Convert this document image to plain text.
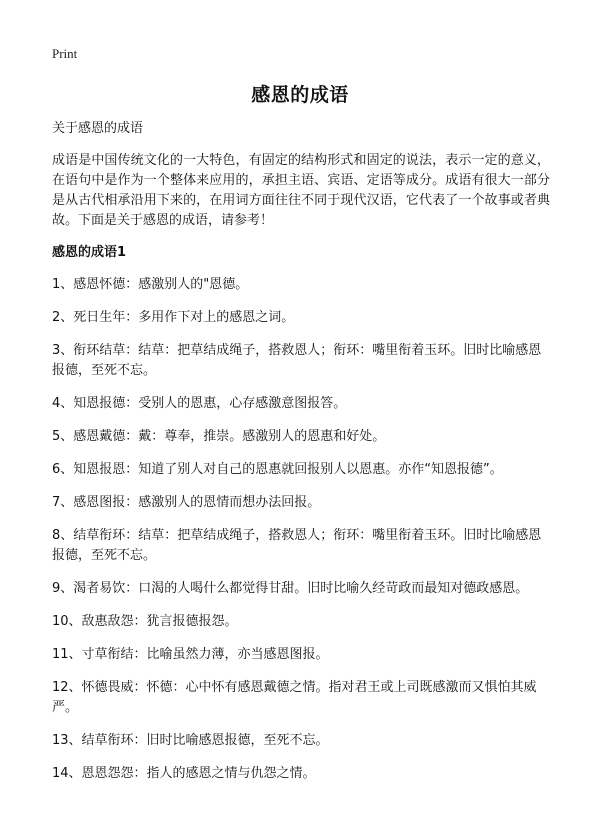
Print
感恩的成语

关于感恩的成语

成语是中国传统文化的一大特色，有固定的结构形式和固定的说法，表示一定的意义，在语句中是作为一个整体来应用的，承担主语、宾语、定语等成分。成语有很大一部分是从古代相承沿用下来的，在用词方面往往不同于现代汉语，它代表了一个故事或者典故。下面是关于感恩的成语，请参考！

感恩的成语1
1、感恩怀德：感激别人的"恩德。
2、死日生年：多用作下对上的感恩之词。
3、衔环结草：结草：把草结成绳子，搭救恩人；衔环：嘴里衔着玉环。旧时比喻感恩报德，至死不忘。
4、知恩报德：受别人的恩惠，心存感激意图报答。
5、感恩戴德：戴：尊奉，推崇。感激别人的恩惠和好处。
6、知恩报恩：知道了别人对自己的恩惠就回报别人以恩惠。亦作“知恩报德”。
7、感恩图报：感激别人的恩情而想办法回报。
8、结草衔环：结草：把草结成绳子，搭救恩人；衔环：嘴里衔着玉环。旧时比喻感恩报德，至死不忘。
9、渴者易饮：口渴的人喝什么都觉得甘甜。旧时比喻久经苛政而最知对德政感恩。
10、敌惠敌怨：犹言报德报怨。
11、寸草衔结：比喻虽然力薄，亦当感恩图报。
12、怀德畏威：怀德：心中怀有感恩戴德之情。指对君王或上司既感激而又惧怕其威严。
13、结草衔环：旧时比喻感恩报德，至死不忘。
14、恩恩怨怨：指人的感恩之情与仇怨之情。
